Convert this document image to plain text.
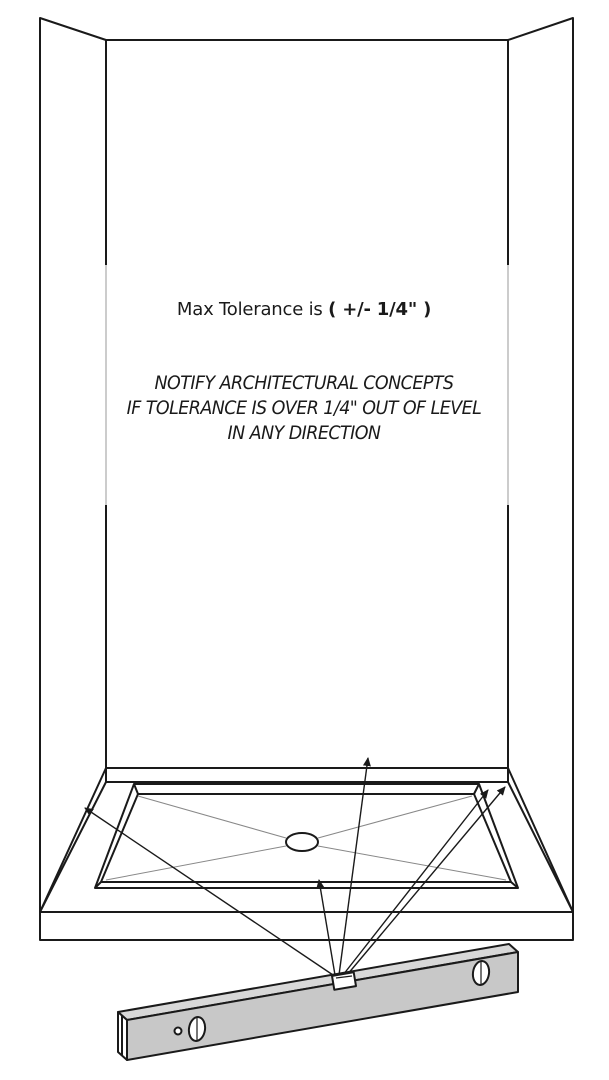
Max Tolerance is ( +/- 1/4" )
NOTIFY ARCHITECTURAL CONCEPTS
IF TOLERANCE IS OVER 1/4" OUT OF LEVEL
IN ANY DIRECTION
